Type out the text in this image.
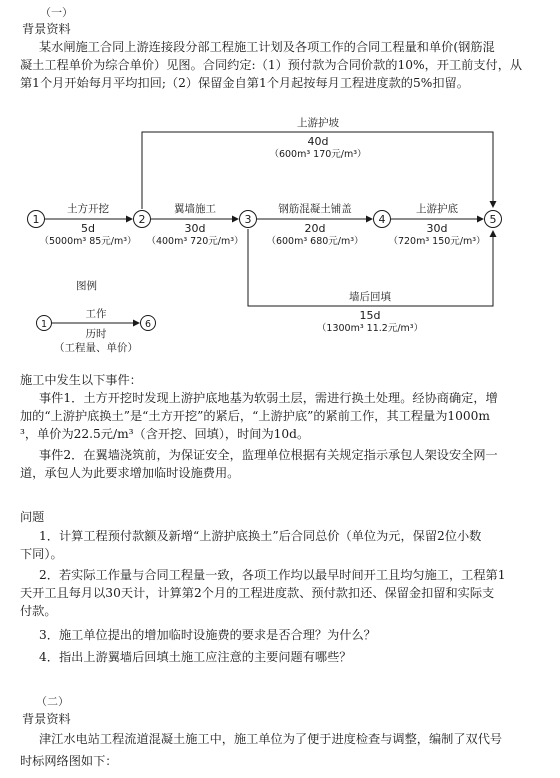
（一）
背景资料
某水闸施工合同上游连接段分部工程施工计划及各项工作的合同工程量和单价(钢筋混
凝土工程单价为综合单价）见图。合同约定:（1）预付款为合同价款的10%，开工前支付，从
第1个月开始每月平均扣回;（2）保留金自第1个月起按每月工程进度款的5%扣留。
1	2	3	4	5
土方开挖
5d
（5000m³ 85元/m³）
翼墙施工
30d
（400m³ 720元/m³）
钢筋混凝土铺盖
20d
（600m³ 680元/m³）
上游护底
30d
（720m³ 150元/m³）
上游护坡
40d
（600m³ 170元/m³）
墙后回填
15d
（1300m³ 11.2元/m³）
图例
1	6
工作
历时
（工程量、单价）
施工中发生以下事件：
事件1．土方开挖时发现上游护底地基为软弱土层，需进行换土处理。经协商确定，增
加的“上游护底换土”是“土方开挖”的紧后，“上游护底”的紧前工作，其工程量为1000m
³，单价为22.5元/m³（含开挖、回填），时间为10d。
事件2．在翼墙浇筑前，为保证安全，监理单位根据有关规定指示承包人架设安全网一
道，承包人为此要求增加临时设施费用。
问题
1．计算工程预付款额及新增“上游护底换土”后合同总价（单位为元，保留2位小数
下同）。
2．若实际工作量与合同工程量一致，各项工作均以最早时间开工且均匀施工，工程第1
天开工且每月以30天计，计算第2个月的工程进度款、预付款扣还、保留金扣留和实际支
付款。
3．施工单位提出的增加临时设施费的要求是否合理？为什么？
4．指出上游翼墙后回填土施工应注意的主要问题有哪些？
（二）
背景资料
津江水电站工程流道混凝土施工中，施工单位为了便于进度检查与调整，编制了双代号
时标网络图如下：
